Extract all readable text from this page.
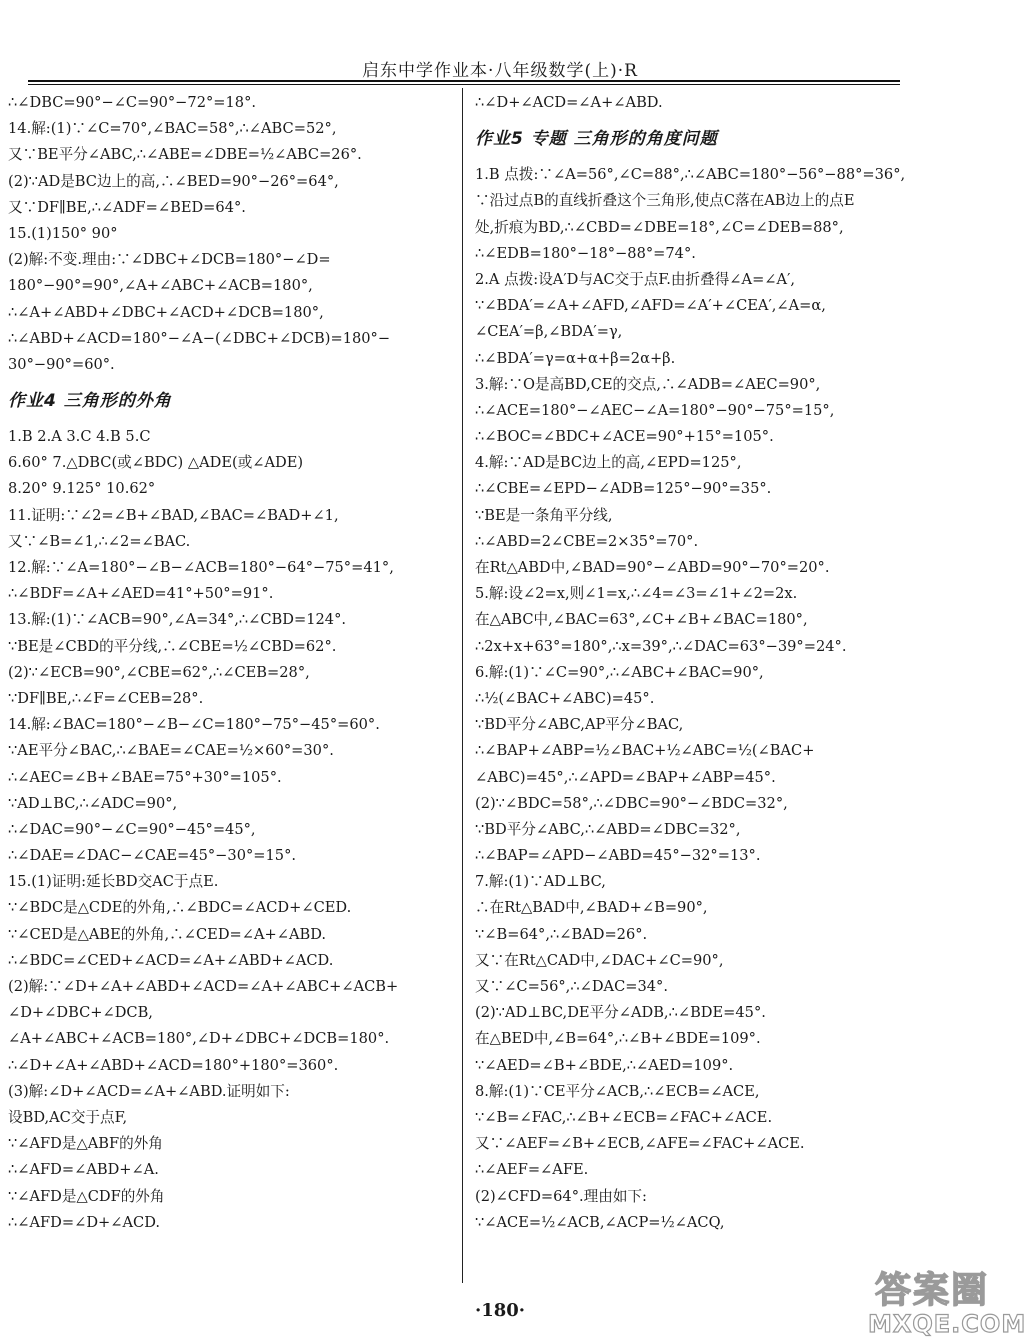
启东中学作业本·八年级数学(上)·R
∴∠DBC=90°−∠C=90°−72°=18°.
14.解:(1)∵∠C=70°,∠BAC=58°,∴∠ABC=52°,
又∵BE平分∠ABC,∴∠ABE=∠DBE=½∠ABC=26°.
(2)∵AD是BC边上的高,∴∠BED=90°−26°=64°,
又∵DF∥BE,∴∠ADF=∠BED=64°.
15.(1)150° 90°
(2)解:不变.理由:∵∠DBC+∠DCB=180°−∠D=
180°−90°=90°,∠A+∠ABC+∠ACB=180°,
∴∠A+∠ABD+∠DBC+∠ACD+∠DCB=180°,
∴∠ABD+∠ACD=180°−∠A−(∠DBC+∠DCB)=180°−
30°−90°=60°.
作业4 三角形的外角
1.B 2.A 3.C 4.B 5.C
6.60° 7.△DBC(或∠BDC) △ADE(或∠ADE)
8.20° 9.125° 10.62°
11.证明:∵∠2=∠B+∠BAD,∠BAC=∠BAD+∠1,
又∵∠B=∠1,∴∠2=∠BAC.
12.解:∵∠A=180°−∠B−∠ACB=180°−64°−75°=41°,
∴∠BDF=∠A+∠AED=41°+50°=91°.
13.解:(1)∵∠ACB=90°,∠A=34°,∴∠CBD=124°.
∵BE是∠CBD的平分线,∴∠CBE=½∠CBD=62°.
(2)∵∠ECB=90°,∠CBE=62°,∴∠CEB=28°,
∵DF∥BE,∴∠F=∠CEB=28°.
14.解:∠BAC=180°−∠B−∠C=180°−75°−45°=60°.
∵AE平分∠BAC,∴∠BAE=∠CAE=½×60°=30°.
∴∠AEC=∠B+∠BAE=75°+30°=105°.
∵AD⊥BC,∴∠ADC=90°,
∴∠DAC=90°−∠C=90°−45°=45°,
∴∠DAE=∠DAC−∠CAE=45°−30°=15°.
15.(1)证明:延长BD交AC于点E.
∵∠BDC是△CDE的外角,∴∠BDC=∠ACD+∠CED.
∵∠CED是△ABE的外角,∴∠CED=∠A+∠ABD.
∴∠BDC=∠CED+∠ACD=∠A+∠ABD+∠ACD.
(2)解:∵∠D+∠A+∠ABD+∠ACD=∠A+∠ABC+∠ACB+
∠D+∠DBC+∠DCB,
∠A+∠ABC+∠ACB=180°,∠D+∠DBC+∠DCB=180°.
∴∠D+∠A+∠ABD+∠ACD=180°+180°=360°.
(3)解:∠D+∠ACD=∠A+∠ABD.证明如下:
设BD,AC交于点F,
∵∠AFD是△ABF的外角
∴∠AFD=∠ABD+∠A.
∵∠AFD是△CDF的外角
∴∠AFD=∠D+∠ACD.
∴∠D+∠ACD=∠A+∠ABD.
作业5 专题 三角形的角度问题
1.B 点拨:∵∠A=56°,∠C=88°,∴∠ABC=180°−56°−88°=36°,
∵沿过点B的直线折叠这个三角形,使点C落在AB边上的点E
处,折痕为BD,∴∠CBD=∠DBE=18°,∠C=∠DEB=88°,
∴∠EDB=180°−18°−88°=74°.
2.A 点拨:设A′D与AC交于点F.由折叠得∠A=∠A′,
∵∠BDA′=∠A+∠AFD,∠AFD=∠A′+∠CEA′,∠A=α,
∠CEA′=β,∠BDA′=γ,
∴∠BDA′=γ=α+α+β=2α+β.
3.解:∵O是高BD,CE的交点,∴∠ADB=∠AEC=90°,
∴∠ACE=180°−∠AEC−∠A=180°−90°−75°=15°,
∴∠BOC=∠BDC+∠ACE=90°+15°=105°.
4.解:∵AD是BC边上的高,∠EPD=125°,
∴∠CBE=∠EPD−∠ADB=125°−90°=35°.
∵BE是一条角平分线,
∴∠ABD=2∠CBE=2×35°=70°.
在Rt△ABD中,∠BAD=90°−∠ABD=90°−70°=20°.
5.解:设∠2=x,则∠1=x,∴∠4=∠3=∠1+∠2=2x.
在△ABC中,∠BAC=63°,∠C+∠B+∠BAC=180°,
∴2x+x+63°=180°,∴x=39°,∴∠DAC=63°−39°=24°.
6.解:(1)∵∠C=90°,∴∠ABC+∠BAC=90°,
∴½(∠BAC+∠ABC)=45°.
∵BD平分∠ABC,AP平分∠BAC,
∴∠BAP+∠ABP=½∠BAC+½∠ABC=½(∠BAC+
∠ABC)=45°,∴∠APD=∠BAP+∠ABP=45°.
(2)∵∠BDC=58°,∴∠DBC=90°−∠BDC=32°,
∵BD平分∠ABC,∴∠ABD=∠DBC=32°,
∴∠BAP=∠APD−∠ABD=45°−32°=13°.
7.解:(1)∵AD⊥BC,
∴在Rt△BAD中,∠BAD+∠B=90°,
∵∠B=64°,∴∠BAD=26°.
又∵在Rt△CAD中,∠DAC+∠C=90°,
又∵∠C=56°,∴∠DAC=34°.
(2)∵AD⊥BC,DE平分∠ADB,∴∠BDE=45°.
在△BED中,∠B=64°,∴∠B+∠BDE=109°.
∵∠AED=∠B+∠BDE,∴∠AED=109°.
8.解:(1)∵CE平分∠ACB,∴∠ECB=∠ACE,
∵∠B=∠FAC,∴∠B+∠ECB=∠FAC+∠ACE.
又∵∠AEF=∠B+∠ECB,∠AFE=∠FAC+∠ACE.
∴∠AEF=∠AFE.
(2)∠CFD=64°.理由如下:
∵∠ACE=½∠ACB,∠ACP=½∠ACQ,
·180·	答案圈
MXQE.COM
